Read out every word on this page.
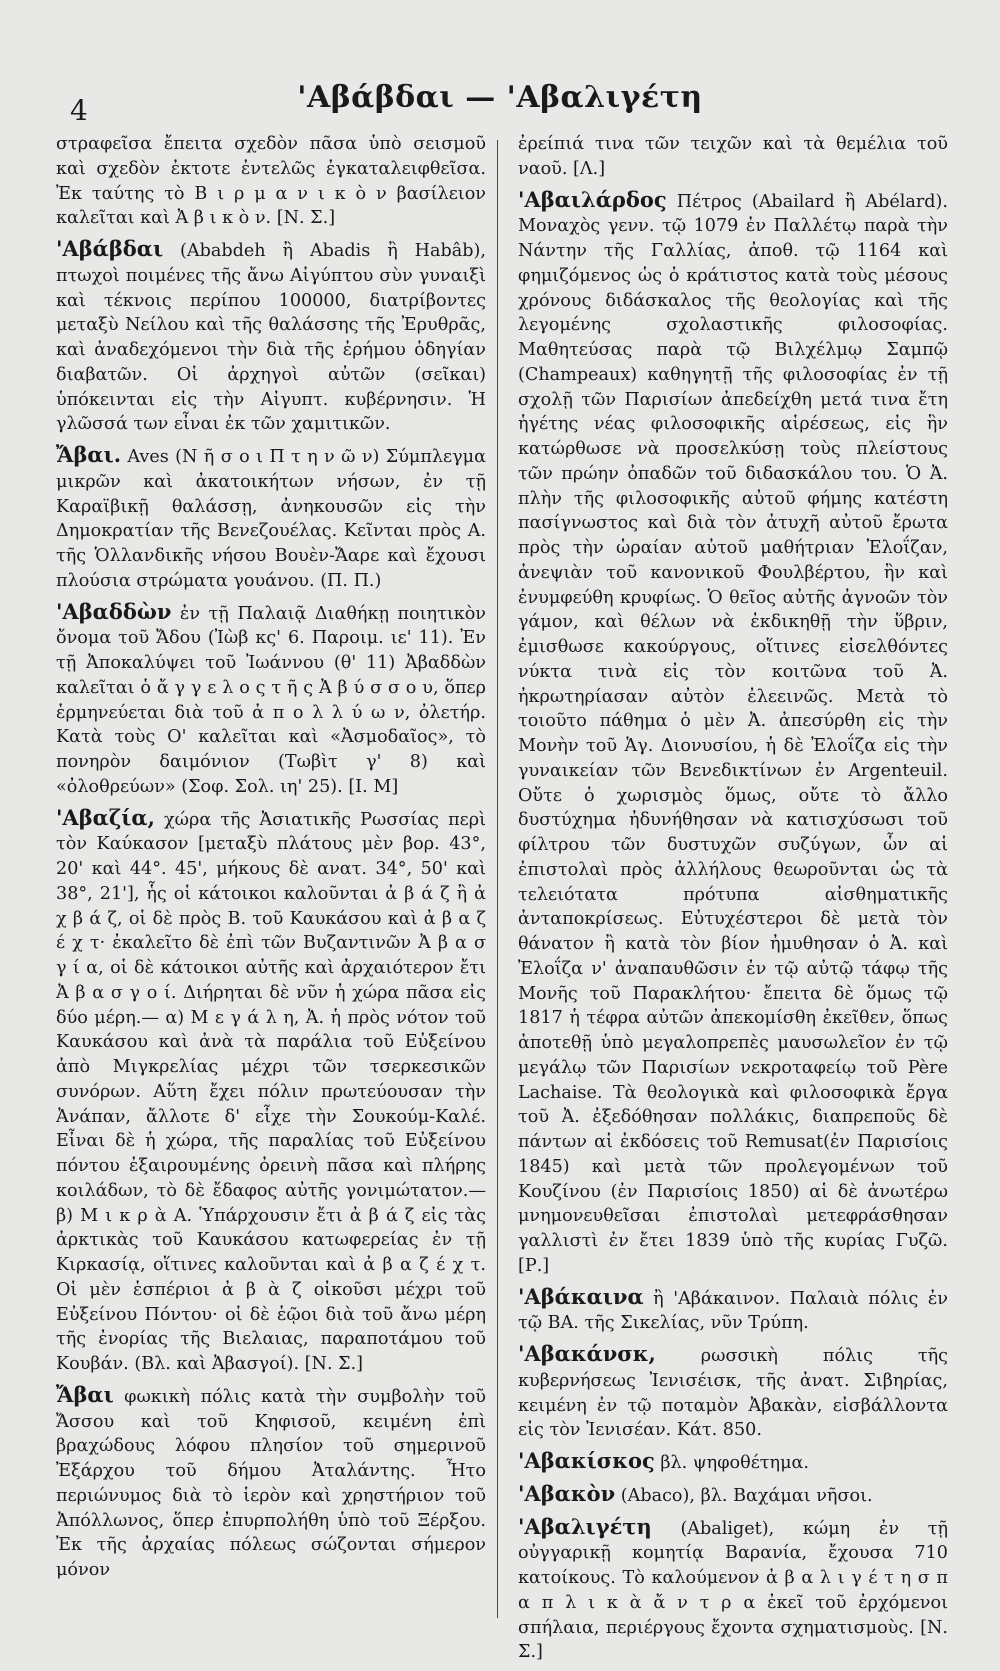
4	'Αβάβδαι — 'Αβαλιγέτη

στραφεῖσα ἔπειτα σχεδὸν πᾶσα ὑπὸ σεισμοῦ καὶ σχεδὸν ἐκτοτε ἐντελῶς ἐγκαταλειφθεῖσα. Ἐκ ταύτης τὸ Β ι ρ μ α ν ι κ ὸ ν βασίλειον καλεῖται καὶ Ἀ β ι κ ὸ ν. [Ν. Σ.]

'Αβάβδαι (Ababdeh ἢ Abadis ἢ Habâb), πτωχοὶ ποιμένες τῆς ἄνω Αἰγύπτου σὺν γυναιξὶ καὶ τέκνοις περίπου 100000, διατρίβοντες μεταξὺ Νείλου καὶ τῆς θαλάσσης τῆς Ἐρυθρᾶς, καὶ ἀναδεχόμενοι τὴν διὰ τῆς ἐρήμου ὁδηγίαν διαβατῶν. Οἱ ἀρχηγοὶ αὐτῶν (σεῖκαι) ὑπόκεινται εἰς τὴν Αἰγυπτ. κυβέρνησιν. Ἡ γλῶσσά των εἶναι ἐκ τῶν χαμιτικῶν.

Ἄβαι. Aves (Ν ῆ σ ο ι Π τ η ν ῶ ν) Σύμπλεγμα μικρῶν καὶ ἀκατοικήτων νήσων, ἐν τῇ Καραϊβικῇ θαλάσσῃ, ἀνηκουσῶν εἰς τὴν Δημοκρατίαν τῆς Βενεζουέλας. Κεῖνται πρὸς Α. τῆς Ὁλλανδικῆς νήσου Βουὲν-Ἄαρε καὶ ἔχουσι πλούσια στρώματα γουάνου. (Π. Π.)

'Αβαδδὼν ἐν τῇ Παλαιᾷ Διαθήκῃ ποιητικὸν ὄνομα τοῦ Ἄδου (Ἰὼβ κς' 6. Παροιμ. ιε' 11). Ἐν τῇ Ἀποκαλύψει τοῦ Ἰωάννου (θ' 11) Ἀβαδδὼν καλεῖται ὁ ἄ γ γ ε λ ο ς τ ῆ ς Ἀ β ύ σ σ ο υ, ὅπερ ἑρμηνεύεται διὰ τοῦ ἀ π ο λ λ ύ ω ν, ὀλετήρ. Κατὰ τοὺς Ο' καλεῖται καὶ «Ἀσμοδαῖος», τὸ πονηρὸν δαιμόνιον (Τωβὶτ γ' 8) καὶ «ὀλοθρεύων» (Σοφ. Σολ. ιη' 25). [Ι. Μ]

'Αβαζία, χώρα τῆς Ἀσιατικῆς Ρωσσίας περὶ τὸν Καύκασον [μεταξὺ πλάτους μὲν βορ. 43°, 20' καὶ 44°. 45', μήκους δὲ ανατ. 34°, 50' καὶ 38°, 21'], ἧς οἱ κάτοικοι καλοῦνται ἀ β ά ζ ἢ ἀ χ β ά ζ, οἱ δὲ πρὸς Β. τοῦ Καυκάσου καὶ ἀ β α ζ έ χ τ· ἐκαλεῖτο δὲ ἐπὶ τῶν Βυζαντινῶν Ἀ β α σ γ ί α, οἱ δὲ κάτοικοι αὐτῆς καὶ ἀρχαιότερον ἔτι Ἀ β α σ γ ο ί. Διήρηται δὲ νῦν ἡ χώρα πᾶσα εἰς δύο μέρη.— α) Μ ε γ ά λ η, Ἀ. ἡ πρὸς νότον τοῦ Καυκάσου καὶ ἀνὰ τὰ παράλια τοῦ Εὐξείνου ἀπὸ Μιγκρελίας μέχρι τῶν τσερκεσικῶν συνόρων. Αὕτη ἔχει πόλιν πρωτεύουσαν τὴν Ἀνάπαν, ἄλλοτε δ' εἶχε τὴν Σουκούμ-Καλέ. Εἶναι δὲ ἡ χώρα, τῆς παραλίας τοῦ Εὐξείνου πόντου ἐξαιρουμένης ὀρεινὴ πᾶσα καὶ πλήρης κοιλάδων, τὸ δὲ ἔδαφος αὐτῆς γονιμώτατον.— β) Μ ι κ ρ ὰ Α. Ὑπάρχουσιν ἔτι ἀ β ά ζ εἰς τὰς ἀρκτικὰς τοῦ Καυκάσου κατωφερείας ἐν τῇ Κιρκασίᾳ, οἵτινες καλοῦνται καὶ ἀ β α ζ έ χ τ. Οἱ μὲν ἑσπέριοι ἀ β ὰ ζ οἰκοῦσι μέχρι τοῦ Εὐξείνου Πόντου· οἱ δὲ ἑῷοι διὰ τοῦ ἄνω μέρη τῆς ἐνορίας τῆς Βιελαιας, παραποτάμου τοῦ Κουβάν. (Βλ. καὶ Ἀβασγοί). [Ν. Σ.]

Ἄβαι φωκικὴ πόλις κατὰ τὴν συμβολὴν τοῦ Ἄσσου καὶ τοῦ Κηφισοῦ, κειμένη ἐπὶ βραχώδους λόφου πλησίον τοῦ σημερινοῦ Ἐξάρχου τοῦ δήμου Ἀταλάντης. Ἦτο περιώνυμος διὰ τὸ ἱερὸν καὶ χρηστήριον τοῦ Ἀπόλλωνος, ὅπερ ἐπυρπολήθη ὑπὸ τοῦ Ξέρξου. Ἐκ τῆς ἀρχαίας πόλεως σώζονται σήμερον μόνον

ἐρείπιά τινα τῶν τειχῶν καὶ τὰ θεμέλια τοῦ ναοῦ. [Λ.]

'Αβαιλάρδος Πέτρος (Abailard ἢ Abélard). Μοναχὸς γενν. τῷ 1079 ἐν Παλλέτῳ παρὰ τὴν Νάντην τῆς Γαλλίας, ἀποθ. τῷ 1164 καὶ φημιζόμενος ὡς ὁ κράτιστος κατὰ τοὺς μέσους χρόνους διδάσκαλος τῆς θεολογίας καὶ τῆς λεγομένης σχολαστικῆς φιλοσοφίας. Μαθητεύσας παρὰ τῷ Βιλχέλμῳ Σαμπῷ (Champeaux) καθηγητῇ τῆς φιλοσοφίας ἐν τῇ σχολῇ τῶν Παρισίων ἀπεδείχθη μετά τινα ἔτη ἡγέτης νέας φιλοσοφικῆς αἱρέσεως, εἰς ἣν κατώρθωσε νὰ προσελκύσῃ τοὺς πλείστους τῶν πρώην ὀπαδῶν τοῦ διδασκάλου του. Ὁ Ἀ. πλὴν τῆς φιλοσοφικῆς αὐτοῦ φήμης κατέστη πασίγνωστος καὶ διὰ τὸν ἀτυχῆ αὐτοῦ ἔρωτα πρὸς τὴν ὡραίαν αὐτοῦ μαθήτριαν Ἐλοΐζαν, ἀνεψιὰν τοῦ κανονικοῦ Φουλβέρτου, ἣν καὶ ἐνυμφεύθη κρυφίως. Ὁ θεῖος αὐτῆς ἀγνοῶν τὸν γάμον, καὶ θέλων νὰ ἐκδικηθῇ τὴν ὕβριν, ἐμισθωσε κακούργους, οἵτινες εἰσελθόντες νύκτα τινὰ εἰς τὸν κοιτῶνα τοῦ Ἀ. ἠκρωτηρίασαν αὐτὸν ἐλεεινῶς. Μετὰ τὸ τοιοῦτο πάθημα ὁ μὲν Ἀ. ἀπεσύρθη εἰς τὴν Μονὴν τοῦ Ἁγ. Διονυσίου, ἡ δὲ Ἐλοΐζα εἰς τὴν γυναικείαν τῶν Βενεδικτίνων ἐν Argenteuil. Οὔτε ὁ χωρισμὸς ὅμως, οὔτε τὸ ἄλλο δυστύχημα ἠδυνήθησαν νὰ κατισχύσωσι τοῦ φίλτρου τῶν δυστυχῶν συζύγων, ὧν αἱ ἐπιστολαὶ πρὸς ἀλλήλους θεωροῦνται ὡς τὰ τελειότατα πρότυπα αἰσθηματικῆς ἀνταποκρίσεως. Εὐτυχέστεροι δὲ μετὰ τὸν θάνατον ἢ κατὰ τὸν βίον ἠμυθησαν ὁ Ἀ. καὶ Ἐλοΐζα ν' ἀναπαυθῶσιν ἐν τῷ αὐτῷ τάφῳ τῆς Μονῆς τοῦ Παρακλήτου· ἔπειτα δὲ ὅμως τῷ 1817 ἡ τέφρα αὐτῶν ἀπεκομίσθη ἐκεῖθεν, ὅπως ἀποτεθῇ ὑπὸ μεγαλοπρεπὲς μαυσωλεῖον ἐν τῷ μεγάλῳ τῶν Παρισίων νεκροταφείῳ τοῦ Père Lachaise. Τὰ θεολογικὰ καὶ φιλοσοφικὰ ἔργα τοῦ Ἀ. ἐξεδόθησαν πολλάκις, διαπρεποῦς δὲ πάντων αἱ ἐκδόσεις τοῦ Remusat(ἐν Παρισίοις 1845) καὶ μετὰ τῶν προλεγομένων τοῦ Κουζίνου (ἐν Παρισίοις 1850) αἱ δὲ ἀνωτέρω μνημονευθεῖσαι ἐπιστολαὶ μετεφράσθησαν γαλλιστὶ ἐν ἔτει 1839 ὑπὸ τῆς κυρίας Γυζῶ. [Ρ.]

'Αβάκαινα ἢ 'Αβάκαινον. Παλαιὰ πόλις ἐν τῷ ΒΑ. τῆς Σικελίας, νῦν Τρύπη.

'Αβακάνσκ,	ρωσσικὴ πόλις τῆς κυβερνήσεως Ἰενισέισκ, τῆς ἀνατ. Σιβηρίας, κειμένη ἐν τῷ ποταμὸν Ἀβακὰν, εἰσβάλλοντα εἰς τὸν Ἰενισέαν. Κάτ. 850.

'Αβακίσκος βλ. ψηφοθέτημα.

'Αβακὸν (Abaco), βλ. Βαχάμαι νῆσοι.

'Αβαλιγέτη (Abaliget), κώμη ἐν τῇ οὐγγαρικῇ κομητίᾳ Βαρανία, ἔχουσα 710 κατοίκους. Τὸ καλούμενον ἀ β α λ ι γ έ τ η σ π α π λ ι κ ὰ ἄ ν τ ρ α ἐκεῖ τοῦ ἐρχόμενοι σπήλαια, περιέργους ἔχοντα σχηματισμοὺς. [Ν. Σ.]
